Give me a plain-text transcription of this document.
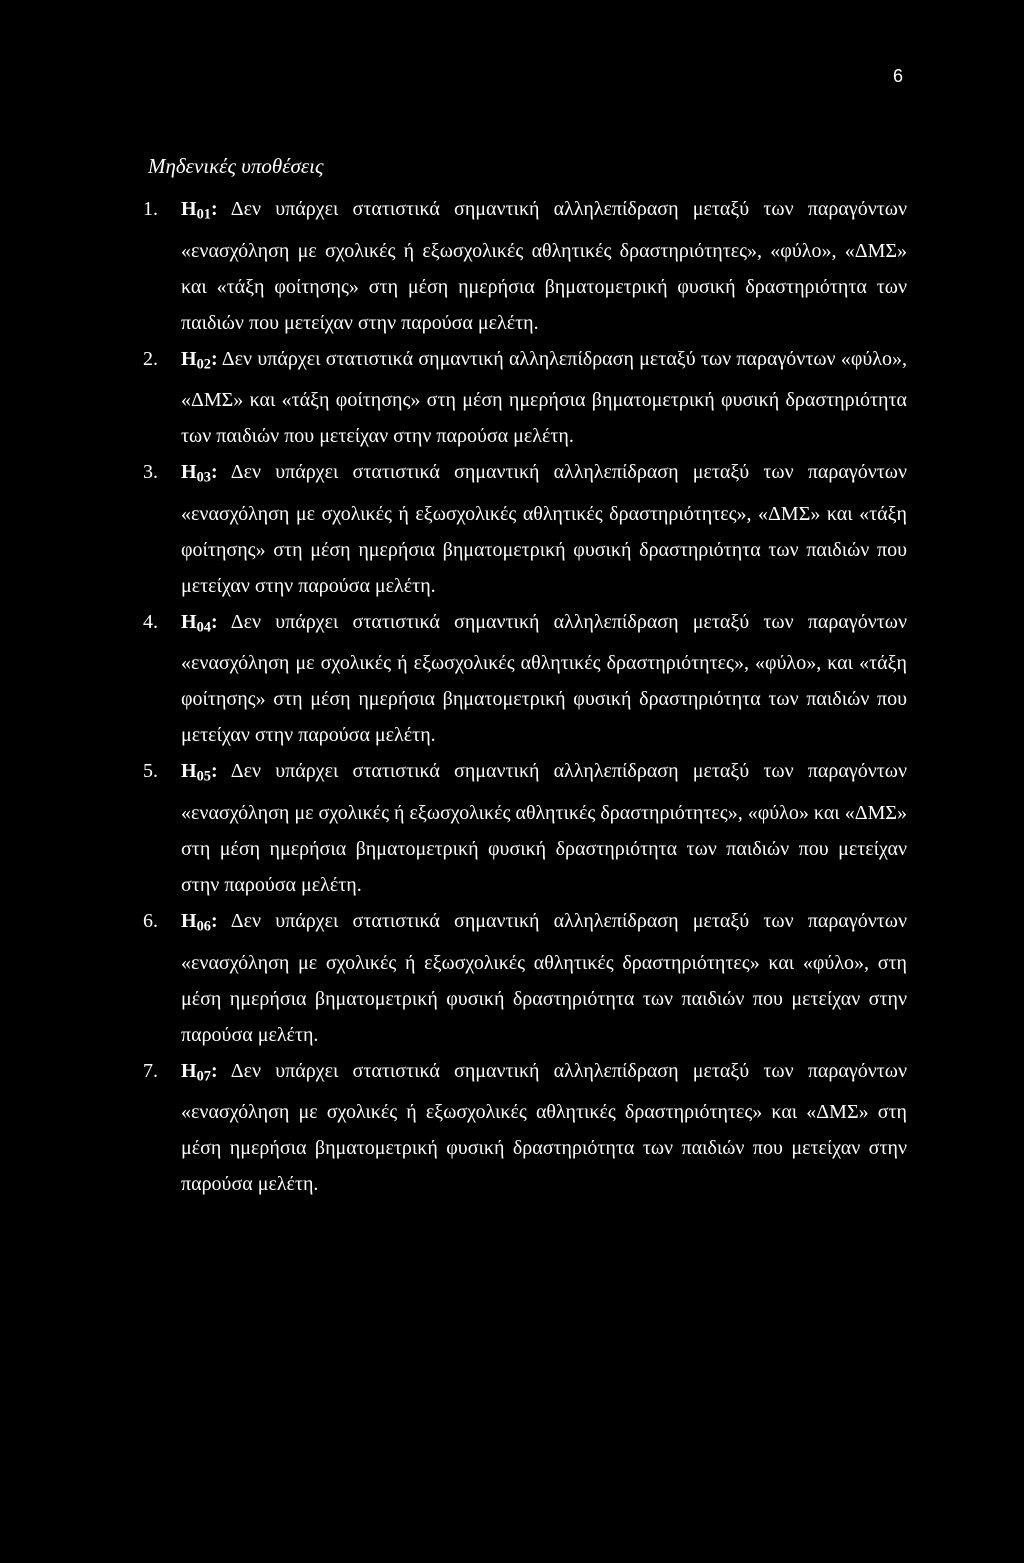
6
Μηδενικές υποθέσεις
1. $H_{01}$: Δεν υπάρχει στατιστικά σημαντική αλληλεπίδραση μεταξύ των παραγόντων «ενασχόληση με σχολικές ή εξωσχολικές αθλητικές δραστηριότητες», «φύλο», «ΔΜΣ» και «τάξη φοίτησης» στη μέση ημερήσια βηματομετρική φυσική δραστηριότητα των παιδιών που μετείχαν στην παρούσα μελέτη.
2. $H_{02}$: Δεν υπάρχει στατιστικά σημαντική αλληλεπίδραση μεταξύ των παραγόντων «φύλο», «ΔΜΣ» και «τάξη φοίτησης» στη μέση ημερήσια βηματομετρική φυσική δραστηριότητα των παιδιών που μετείχαν στην παρούσα μελέτη.
3. $H_{03}$: Δεν υπάρχει στατιστικά σημαντική αλληλεπίδραση μεταξύ των παραγόντων «ενασχόληση με σχολικές ή εξωσχολικές αθλητικές δραστηριότητες», «ΔΜΣ» και «τάξη φοίτησης» στη μέση ημερήσια βηματομετρική φυσική δραστηριότητα των παιδιών που μετείχαν στην παρούσα μελέτη.
4. $H_{04}$: Δεν υπάρχει στατιστικά σημαντική αλληλεπίδραση μεταξύ των παραγόντων «ενασχόληση με σχολικές ή εξωσχολικές αθλητικές δραστηριότητες», «φύλο», και «τάξη φοίτησης» στη μέση ημερήσια βηματομετρική φυσική δραστηριότητα των παιδιών που μετείχαν στην παρούσα μελέτη.
5. $H_{05}$: Δεν υπάρχει στατιστικά σημαντική αλληλεπίδραση μεταξύ των παραγόντων «ενασχόληση με σχολικές ή εξωσχολικές αθλητικές δραστηριότητες», «φύλο» και «ΔΜΣ» στη μέση ημερήσια βηματομετρική φυσική δραστηριότητα των παιδιών που μετείχαν στην παρούσα μελέτη.
6. $H_{06}$: Δεν υπάρχει στατιστικά σημαντική αλληλεπίδραση μεταξύ των παραγόντων «ενασχόληση με σχολικές ή εξωσχολικές αθλητικές δραστηριότητες» και «φύλο», στη μέση ημερήσια βηματομετρική φυσική δραστηριότητα των παιδιών που μετείχαν στην παρούσα μελέτη.
7. $H_{07}$: Δεν υπάρχει στατιστικά σημαντική αλληλεπίδραση μεταξύ των παραγόντων «ενασχόληση με σχολικές ή εξωσχολικές αθλητικές δραστηριότητες» και «ΔΜΣ» στη μέση ημερήσια βηματομετρική φυσική δραστηριότητα των παιδιών που μετείχαν στην παρούσα μελέτη.
